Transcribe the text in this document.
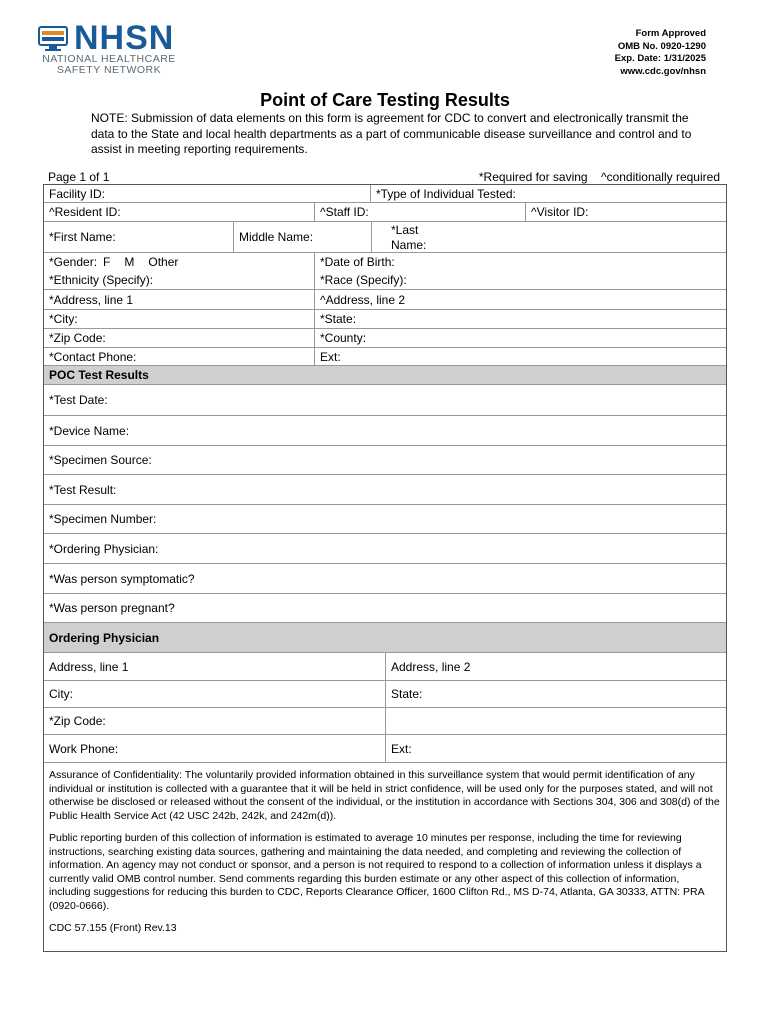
NHSN
NATIONAL HEALTHCARE
SAFETY NETWORK
Form Approved
OMB No. 0920-1290
Exp. Date: 1/31/2025
www.cdc.gov/nhsn
Point of Care Testing Results
NOTE: Submission of data elements on this form is agreement for CDC to convert and electronically transmit the data to the State and local health departments as a part of communicable disease surveillance and control and to assist in meeting reporting requirements.
Page 1 of 1	*Required for saving ^conditionally required
Facility ID:	*Type of Individual Tested:
^Resident ID:	^Staff ID:	^Visitor ID:
*First Name:	Middle Name:	*Last
Name:
*Gender: F M Other	*Date of Birth:
*Ethnicity (Specify):	*Race (Specify):
*Address, line 1	^Address, line 2
*City:	*State:
*Zip Code:	*County:
*Contact Phone:	Ext:
POC Test Results
*Test Date:
*Device Name:
*Specimen Source:
*Test Result:
*Specimen Number:
*Ordering Physician:
*Was person symptomatic?
*Was person pregnant?
Ordering Physician
Address, line 1	Address, line 2
City:	State:
*Zip Code:
Work Phone:	Ext:

Assurance of Confidentiality: The voluntarily provided information obtained in this surveillance system that would permit identification of any individual or institution is collected with a guarantee that it will be held in strict confidence, will be used only for the purposes stated, and will not otherwise be disclosed or released without the consent of the individual, or the institution in accordance with Sections 304, 306 and 308(d) of the Public Health Service Act (42 USC 242b, 242k, and 242m(d)).

Public reporting burden of this collection of information is estimated to average 10 minutes per response, including the time for reviewing instructions, searching existing data sources, gathering and maintaining the data needed, and completing and reviewing the collection of information. An agency may not conduct or sponsor, and a person is not required to respond to a collection of information unless it displays a currently valid OMB control number. Send comments regarding this burden estimate or any other aspect of this collection of information, including suggestions for reducing this burden to CDC, Reports Clearance Officer, 1600 Clifton Rd., MS D-74, Atlanta, GA 30333, ATTN: PRA (0920-0666).

CDC 57.155 (Front) Rev.13
